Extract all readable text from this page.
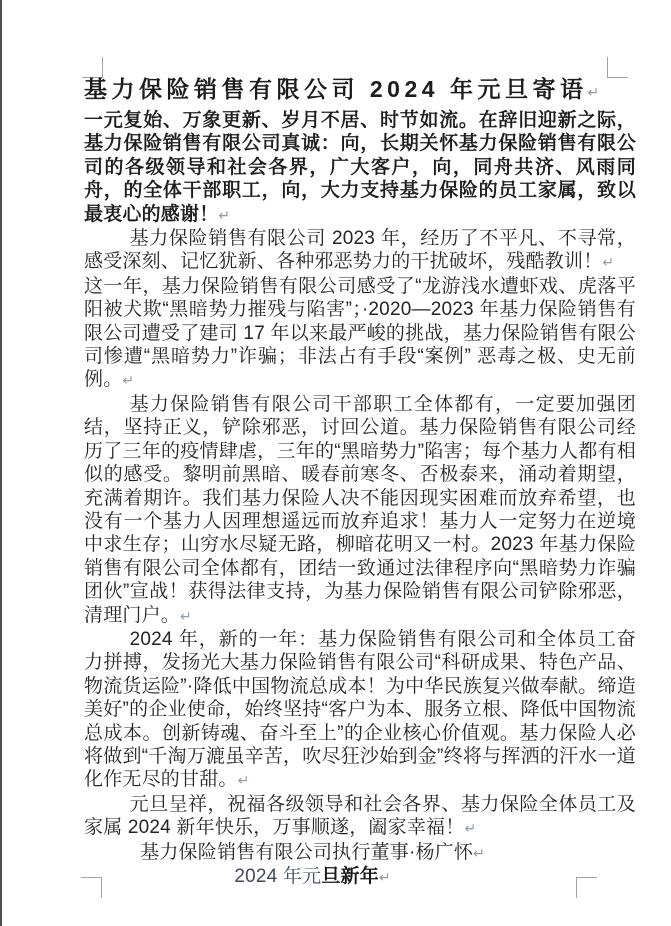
基力保险销售有限公司 2024 年元旦寄语↵

一元复始、万象更新、岁月不居、时节如流。在辞旧迎新之际，基力保险销售有限公司真诚：向，长期关怀基力保险销售有限公司的各级领导和社会各界，广大客户，向，同舟共济、风雨同舟，的全体干部职工，向，大力支持基力保险的员工家属，致以最衷心的感谢！↵

基力保险销售有限公司 2023 年，经历了不平凡、不寻常，感受深刻、记忆犹新、各种邪恶势力的干扰破坏，残酷教训！↵

这一年，基力保险销售有限公司感受了“龙游浅水遭虾戏、虎落平阳被犬欺“黑暗势力摧残与陷害”；·2020—2023 年基力保险销售有限公司遭受了建司 17 年以来最严峻的挑战，基力保险销售有限公司惨遭“黑暗势力”诈骗；非法占有手段“案例” 恶毒之极、史无前例。↵

基力保险销售有限公司干部职工全体都有，一定要加强团结，坚持正义，铲除邪恶，讨回公道。基力保险销售有限公司经历了三年的疫情肆虐，三年的“黑暗势力”陷害；每个基力人都有相似的感受。黎明前黑暗、暖春前寒冬、否极泰来，涌动着期望，充满着期许。我们基力保险人决不能因现实困难而放弃希望，也没有一个基力人因理想遥远而放弃追求！基力人一定努力在逆境中求生存；山穷水尽疑无路，柳暗花明又一村。2023 年基力保险销售有限公司全体都有，团结一致通过法律程序向“黑暗势力诈骗团伙”宣战！获得法律支持，为基力保险销售有限公司铲除邪恶，清理门户。↵

2024 年，新的一年：基力保险销售有限公司和全体员工奋力拼搏，发扬光大基力保险销售有限公司“科研成果、特色产品、物流货运险”·降低中国物流总成本！为中华民族复兴做奉献。缔造美好”的企业使命，始终坚持“客户为本、服务立根、降低中国物流总成本。创新铸魂、奋斗至上”的企业核心价值观。基力保险人必将做到“千淘万漉虽辛苦，吹尽狂沙始到金”终将与挥洒的汗水一道化作无尽的甘甜。↵

元旦呈祥，祝福各级领导和社会各界、基力保险全体员工及家属 2024 新年快乐，万事顺遂，阖家幸福！↵

基力保险销售有限公司执行董事·杨广怀↵

2024 年元旦新年↵
